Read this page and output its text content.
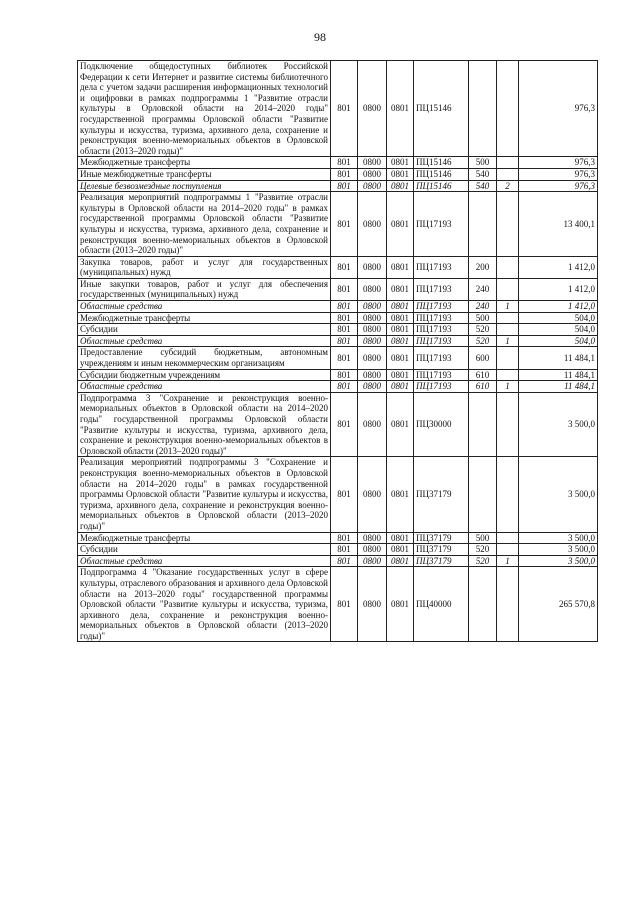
98
Подключение общедоступных библиотек Российской Федерации к сети Интернет и развитие системы библиотечного дела с учетом задачи расширения информационных технологий и оцифровки в рамках подпрограммы 1 "Развитие отрасли культуры в Орловской области на 2014–2020 годы" государственной программы Орловской области "Развитие культуры и искусства, туризма, архивного дела, сохранение и реконструкция военно-мемориальных объектов в Орловской области (2013–2020 годы)"	801	0800	0801	ПЦ15146			976,3
Межбюджетные трансферты	801	0800	0801	ПЦ15146	500		976,3
Иные межбюджетные трансферты	801	0800	0801	ПЦ15146	540		976,3
Целевые безвозмездные поступления	801	0800	0801	ПЦ15146	540	2	976,3
Реализация мероприятий подпрограммы 1 "Развитие отрасли культуры в Орловской области на 2014–2020 годы" в рамках государственной программы Орловской области "Развитие культуры и искусства, туризма, архивного дела, сохранение и реконструкция военно-мемориальных объектов в Орловской области (2013–2020 годы)"	801	0800	0801	ПЦ17193			13 400,1
Закупка товаров, работ и услуг для государственных (муниципальных) нужд	801	0800	0801	ПЦ17193	200		1 412,0
Иные закупки товаров, работ и услуг для обеспечения государственных (муниципальных) нужд	801	0800	0801	ПЦ17193	240		1 412,0
Областные средства	801	0800	0801	ПЦ17193	240	1	1 412,0
Межбюджетные трансферты	801	0800	0801	ПЦ17193	500		504,0
Субсидии	801	0800	0801	ПЦ17193	520		504,0
Областные средства	801	0800	0801	ПЦ17193	520	1	504,0
Предоставление субсидий бюджетным, автономным учреждениям и иным некоммерческим организациям	801	0800	0801	ПЦ17193	600		11 484,1
Субсидии бюджетным учреждениям	801	0800	0801	ПЦ17193	610		11 484,1
Областные средства	801	0800	0801	ПЦ17193	610	1	11 484,1
Подпрограмма 3 "Сохранение и реконструкция военно-мемориальных объектов в Орловской области на 2014–2020 годы" государственной программы Орловской области "Развитие культуры и искусства, туризма, архивного дела, сохранение и реконструкция военно-мемориальных объектов в Орловской области (2013–2020 годы)"	801	0800	0801	ПЦ30000			3 500,0
Реализация мероприятий подпрограммы 3 "Сохранение и реконструкция военно-мемориальных объектов в Орловской области на 2014–2020 годы" в рамках государственной программы Орловской области "Развитие культуры и искусства, туризма, архивного дела, сохранение и реконструкция военно-мемориальных объектов в Орловской области (2013–2020 годы)"	801	0800	0801	ПЦ37179			3 500,0
Межбюджетные трансферты	801	0800	0801	ПЦ37179	500		3 500,0
Субсидии	801	0800	0801	ПЦ37179	520		3 500,0
Областные средства	801	0800	0801	ПЦ37179	520	1	3 500,0
Подпрограмма 4 "Оказание государственных услуг в сфере культуры, отраслевого образования и архивного дела Орловской области на 2013–2020 годы" государственной программы Орловской области "Развитие культуры и искусства, туризма, архивного дела, сохранение и реконструкция военно-мемориальных объектов в Орловской области (2013–2020 годы)"	801	0800	0801	ПЦ40000			265 570,8
